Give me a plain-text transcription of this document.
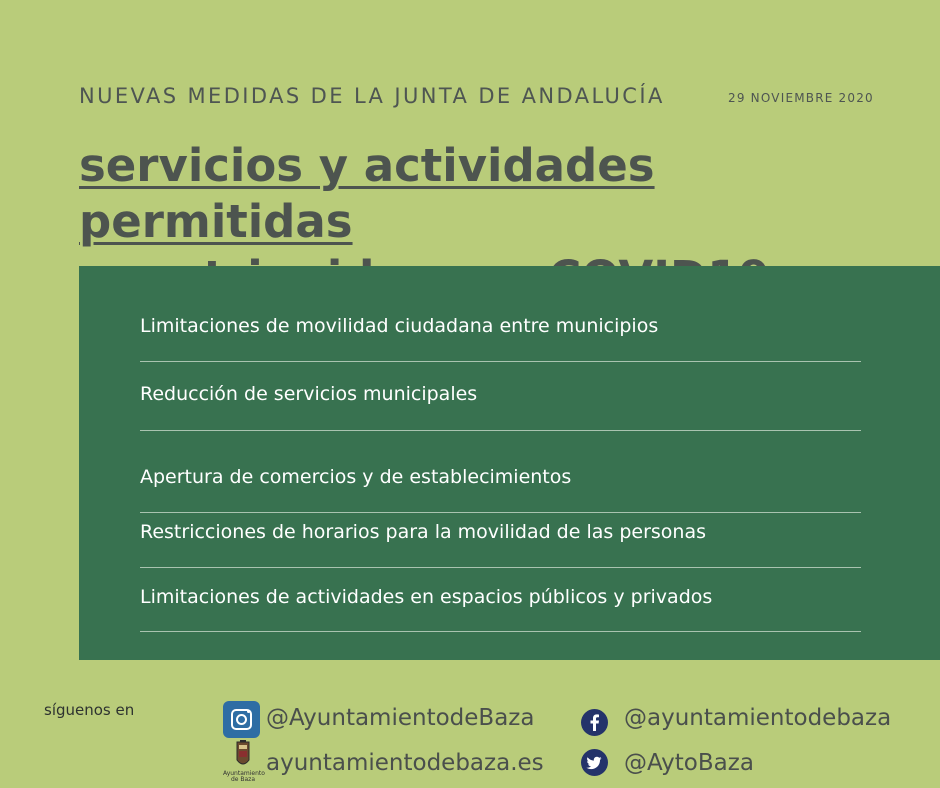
NUEVAS MEDIDAS DE LA JUNTA DE ANDALUCÍA	29 NOVIEMBRE 2020
servicios y actividades permitidas
Limitaciones de movilidad ciudadana entre municipios
Reducción de servicios municipales
Apertura de comercios y de establecimientos
Restricciones de horarios para la movilidad de las personas
Limitaciones de actividades en espacios públicos y privados
síguenos en	@AyuntamientodeBaza
Ayuntamiento
de Baza
ayuntamientodebaza.es
@ayuntamientodebaza
@AytoBaza
